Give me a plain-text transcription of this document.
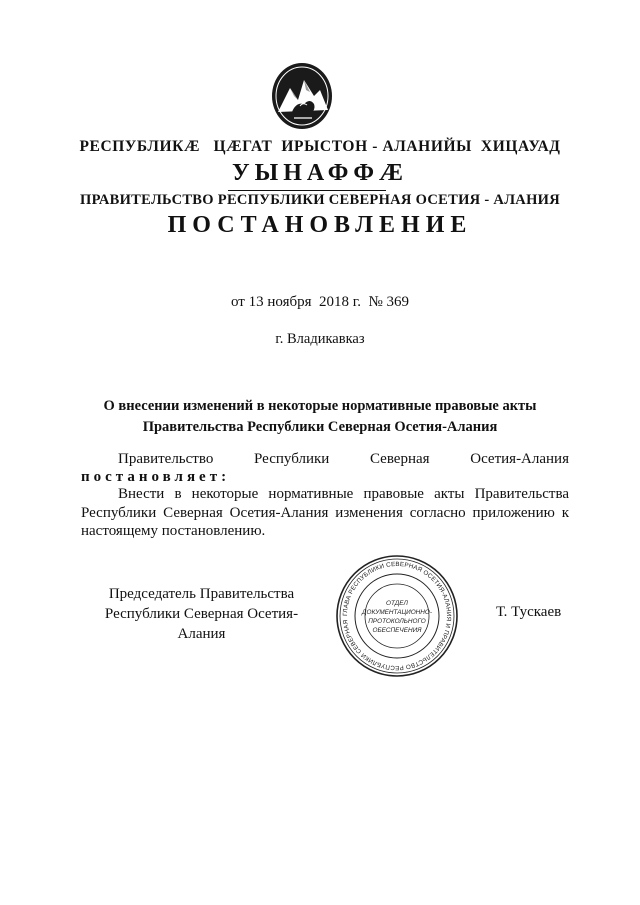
РЕСПУБЛИКӔ   ЦӔГАТ  ИРЫСТОН - АЛАНИЙЫ  ХИЦАУАД
УЫНАФФӔ
ПРАВИТЕЛЬСТВО РЕСПУБЛИКИ СЕВЕРНАЯ ОСЕТИЯ - АЛАНИЯ
ПОСТАНОВЛЕНИЕ
от 13 ноября  2018 г.  № 369
г. Владикавказ
О внесении изменений в некоторые нормативные правовые акты
Правительства Республики Северная Осетия-Алания
Правительство	Республики	Северная	Осетия-Алания
постановляет:
Внести в некоторые нормативные правовые акты Правительства Республики Северная Осетия-Алания изменения согласно приложению к настоящему постановлению.
Председатель Правительства
Республики Северная Осетия-Алания
ГЛАВА РЕСПУБЛИКИ СЕВЕРНАЯ ОСЕТИЯ-АЛАНИЯ И ПРАВИТЕЛЬСТВО РЕСПУБЛИКИ СЕВЕРНАЯ
ОТДЕЛ
ДОКУМЕНТАЦИОННО-
ПРОТОКОЛЬНОГО
ОБЕСПЕЧЕНИЯ
Т. Тускаев
